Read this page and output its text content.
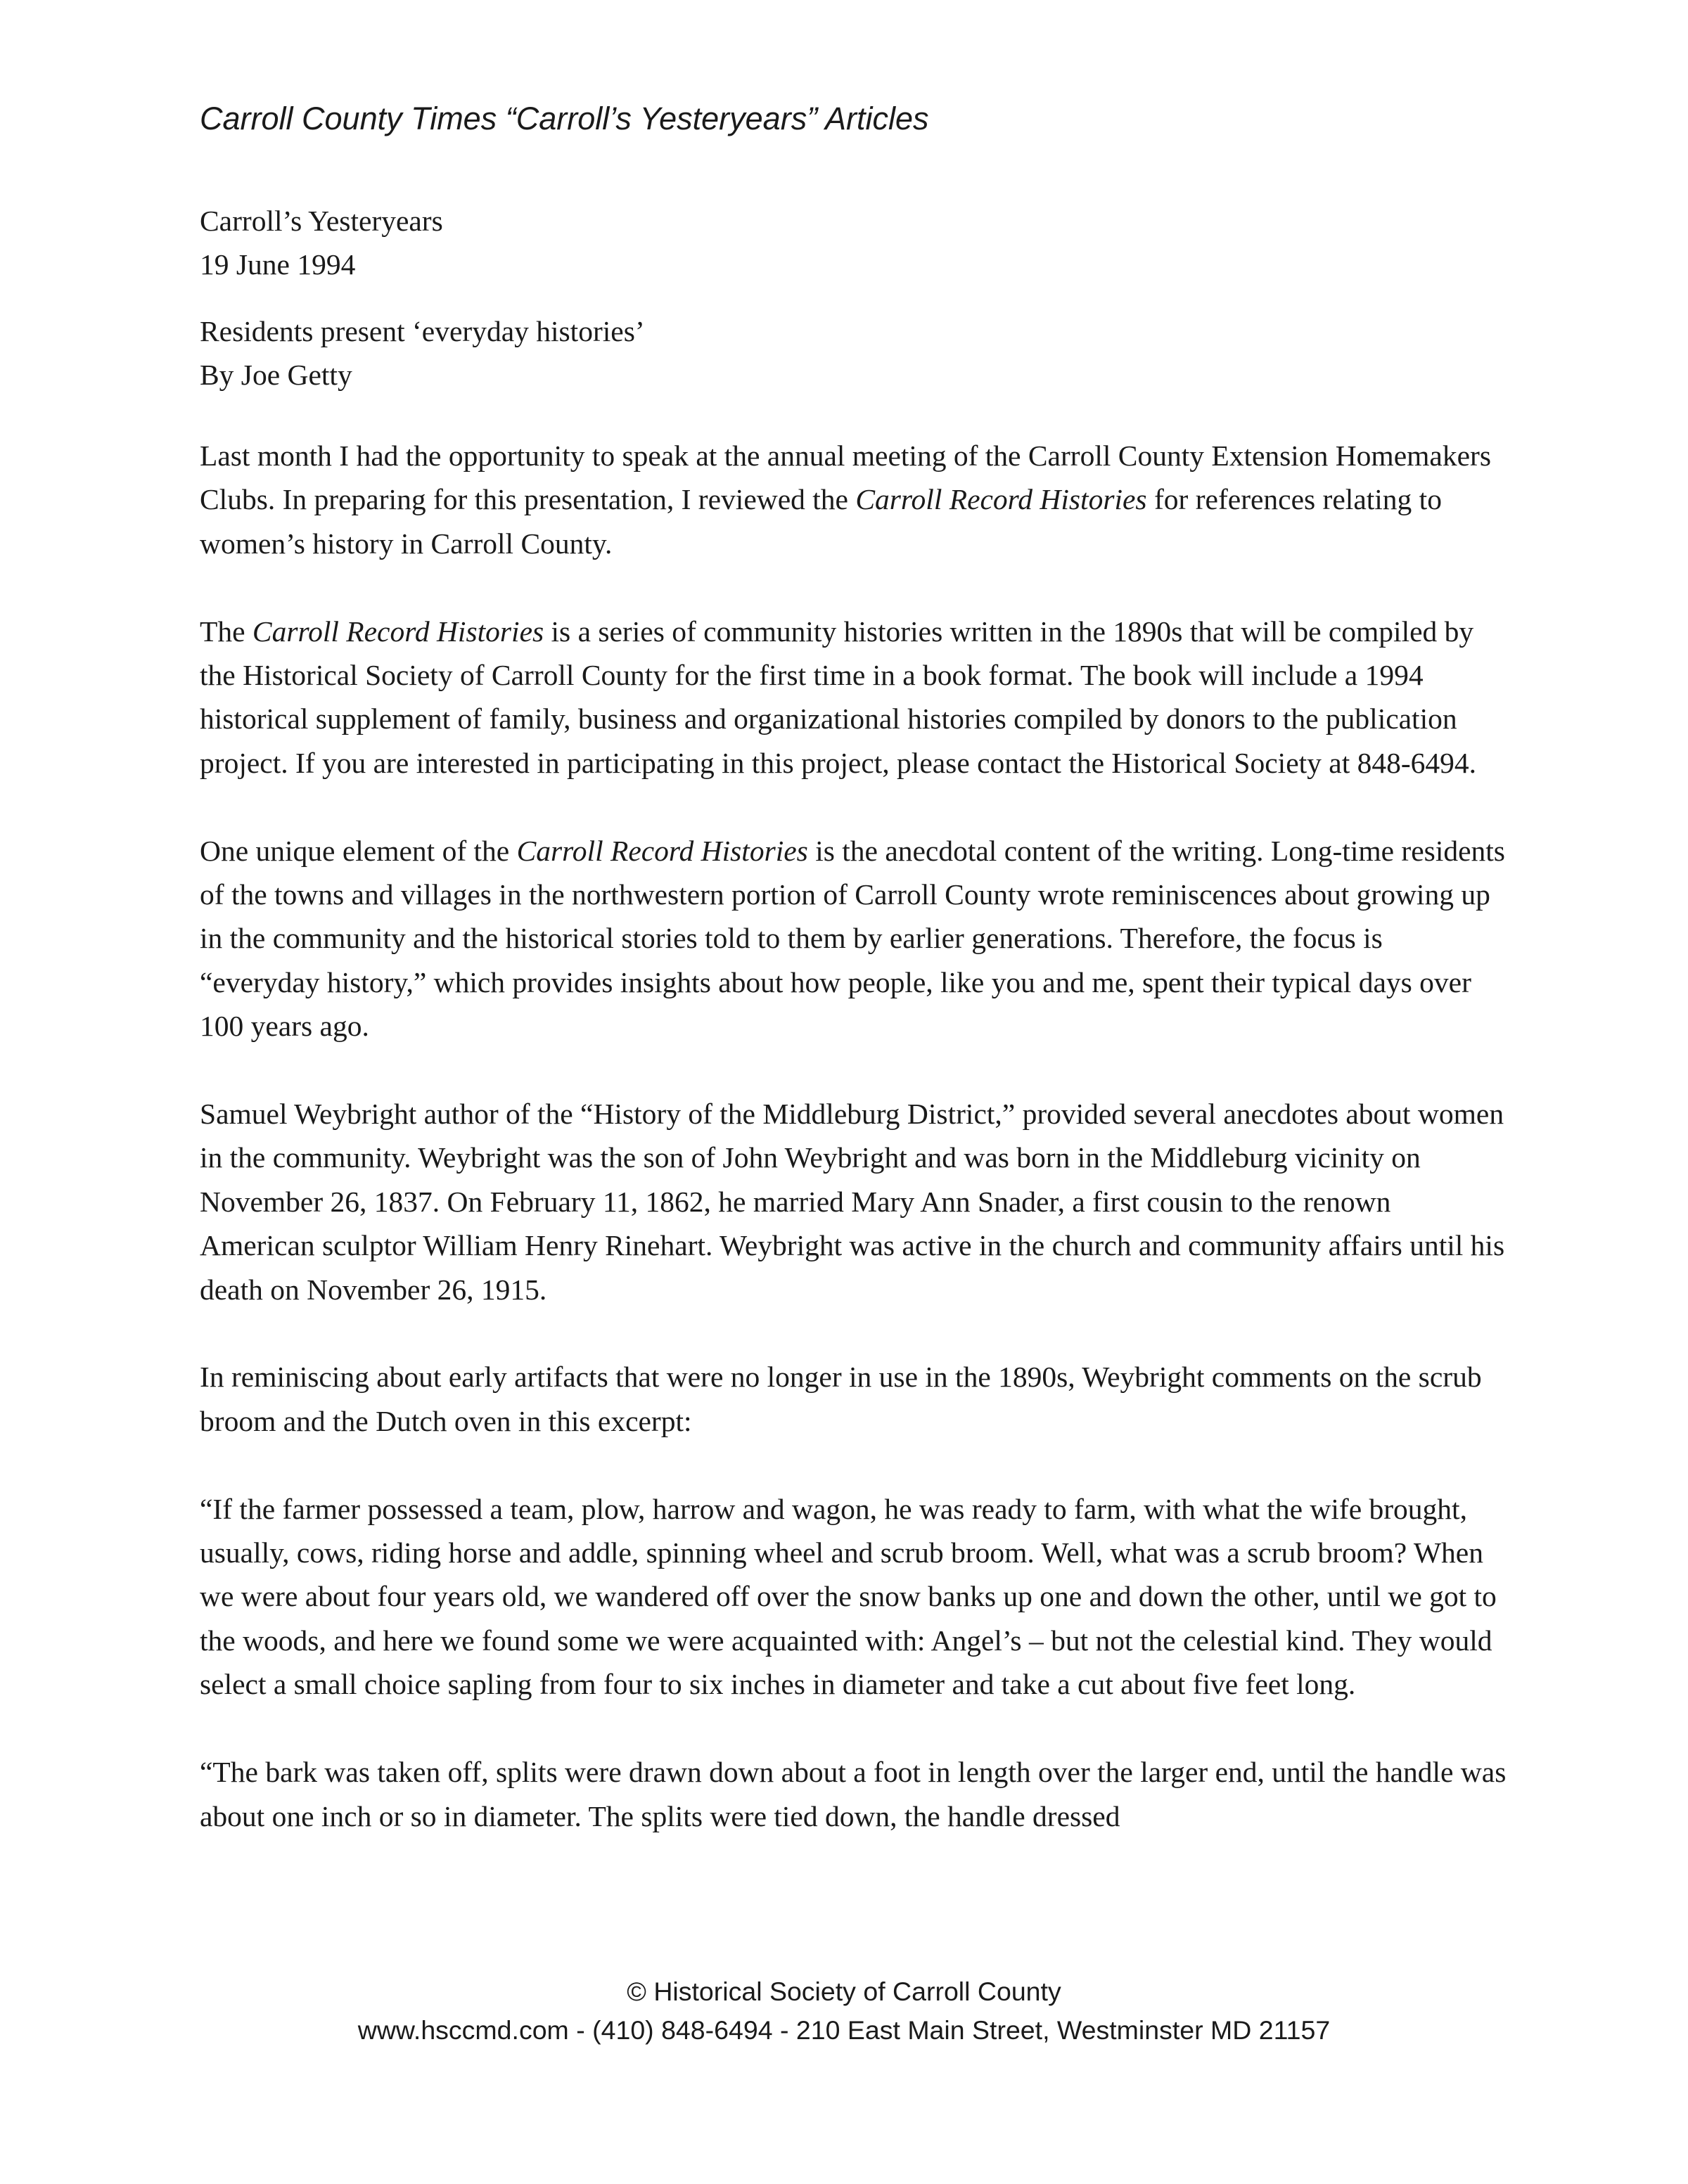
Carroll County Times “Carroll’s Yesteryears” Articles

Carroll’s Yesteryears

19 June 1994

Residents present ‘everyday histories’

By Joe Getty

Last month I had the opportunity to speak at the annual meeting of the Carroll County Extension Homemakers Clubs. In preparing for this presentation, I reviewed the Carroll Record Histories for references relating to women’s history in Carroll County.

The Carroll Record Histories is a series of community histories written in the 1890s that will be compiled by the Historical Society of Carroll County for the first time in a book format. The book will include a 1994 historical supplement of family, business and organizational histories compiled by donors to the publication project. If you are interested in participating in this project, please contact the Historical Society at 848-6494.

One unique element of the Carroll Record Histories is the anecdotal content of the writing. Long-time residents of the towns and villages in the northwestern portion of Carroll County wrote reminiscences about growing up in the community and the historical stories told to them by earlier generations. Therefore, the focus is “everyday history,” which provides insights about how people, like you and me, spent their typical days over 100 years ago.

Samuel Weybright author of the “History of the Middleburg District,” provided several anecdotes about women in the community. Weybright was the son of John Weybright and was born in the Middleburg vicinity on November 26, 1837. On February 11, 1862, he married Mary Ann Snader, a first cousin to the renown American sculptor William Henry Rinehart. Weybright was active in the church and community affairs until his death on November 26, 1915.

In reminiscing about early artifacts that were no longer in use in the 1890s, Weybright comments on the scrub broom and the Dutch oven in this excerpt:

“If the farmer possessed a team, plow, harrow and wagon, he was ready to farm, with what the wife brought, usually, cows, riding horse and addle, spinning wheel and scrub broom. Well, what was a scrub broom? When we were about four years old, we wandered off over the snow banks up one and down the other, until we got to the woods, and here we found some we were acquainted with: Angel’s – but not the celestial kind. They would select a small choice sapling from four to six inches in diameter and take a cut about five feet long.

“The bark was taken off, splits were drawn down about a foot in length over the larger end, until the handle was about one inch or so in diameter. The splits were tied down, the handle dressed

© Historical Society of Carroll County
www.hsccmd.com - (410) 848-6494 - 210 East Main Street, Westminster MD 21157
